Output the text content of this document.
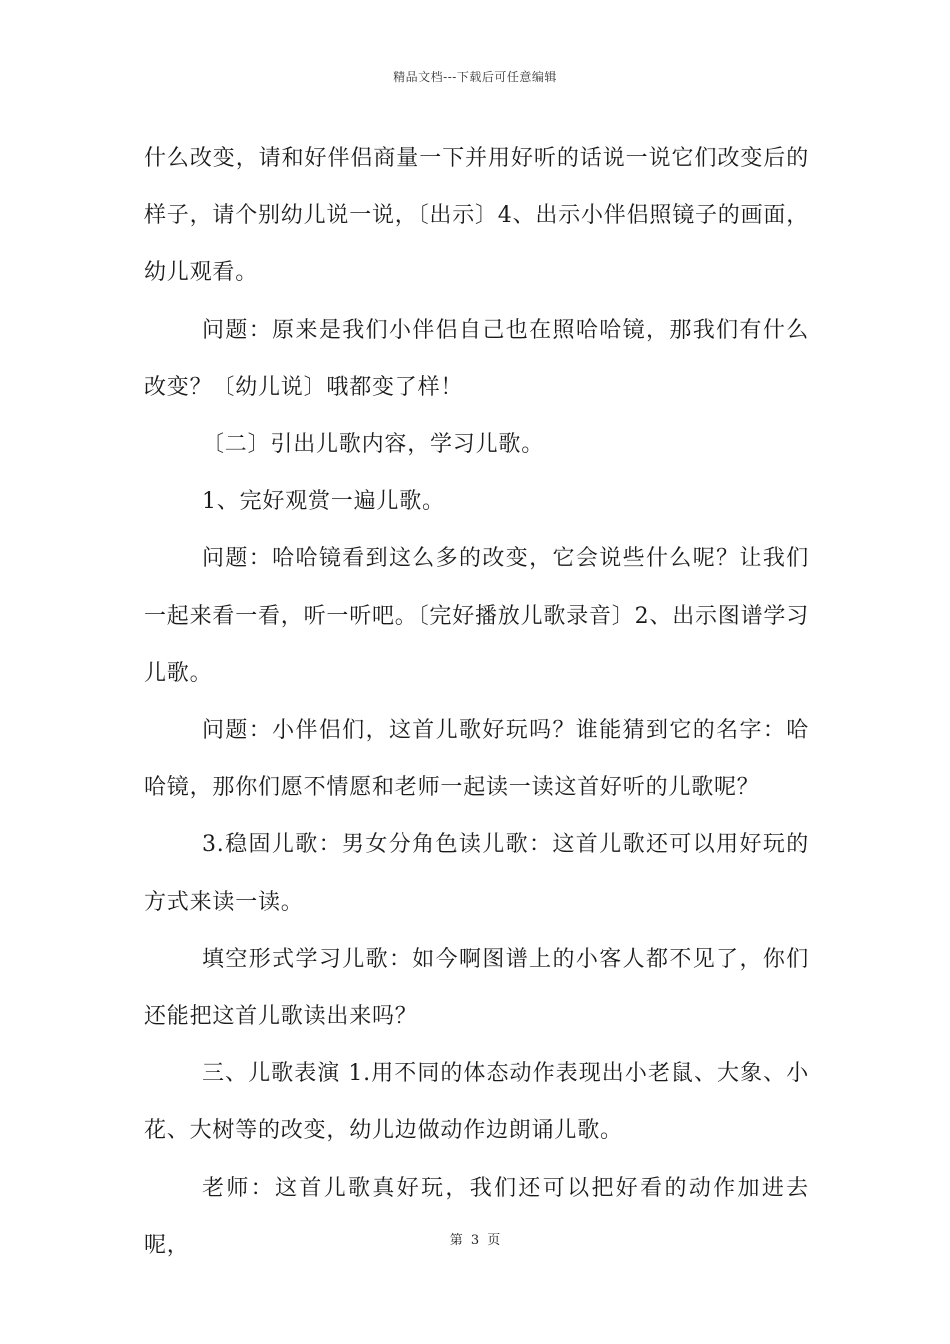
精品文档---下载后可任意编辑

什么改变，请和好伴侣商量一下并用好听的话说一说它们改变后的样子，请个别幼儿说一说，〔出示〕4、出示小伴侣照镜子的画面，幼儿观看。

问题：原来是我们小伴侣自己也在照哈哈镜，那我们有什么改变？〔幼儿说〕哦都变了样！

〔二〕引出儿歌内容，学习儿歌。

1、完好观赏一遍儿歌。

问题：哈哈镜看到这么多的改变，它会说些什么呢？让我们一起来看一看，听一听吧。〔完好播放儿歌录音〕2、出示图谱学习儿歌。

问题：小伴侣们，这首儿歌好玩吗？谁能猜到它的名字：哈哈镜，那你们愿不情愿和老师一起读一读这首好听的儿歌呢？

3.稳固儿歌：男女分角色读儿歌：这首儿歌还可以用好玩的方式来读一读。

填空形式学习儿歌：如今啊图谱上的小客人都不见了，你们还能把这首儿歌读出来吗？

三、儿歌表演 1.用不同的体态动作表现出小老鼠、大象、小花、大树等的改变，幼儿边做动作边朗诵儿歌。

老师：这首儿歌真好玩，我们还可以把好看的动作加进去呢，	第 3 页
